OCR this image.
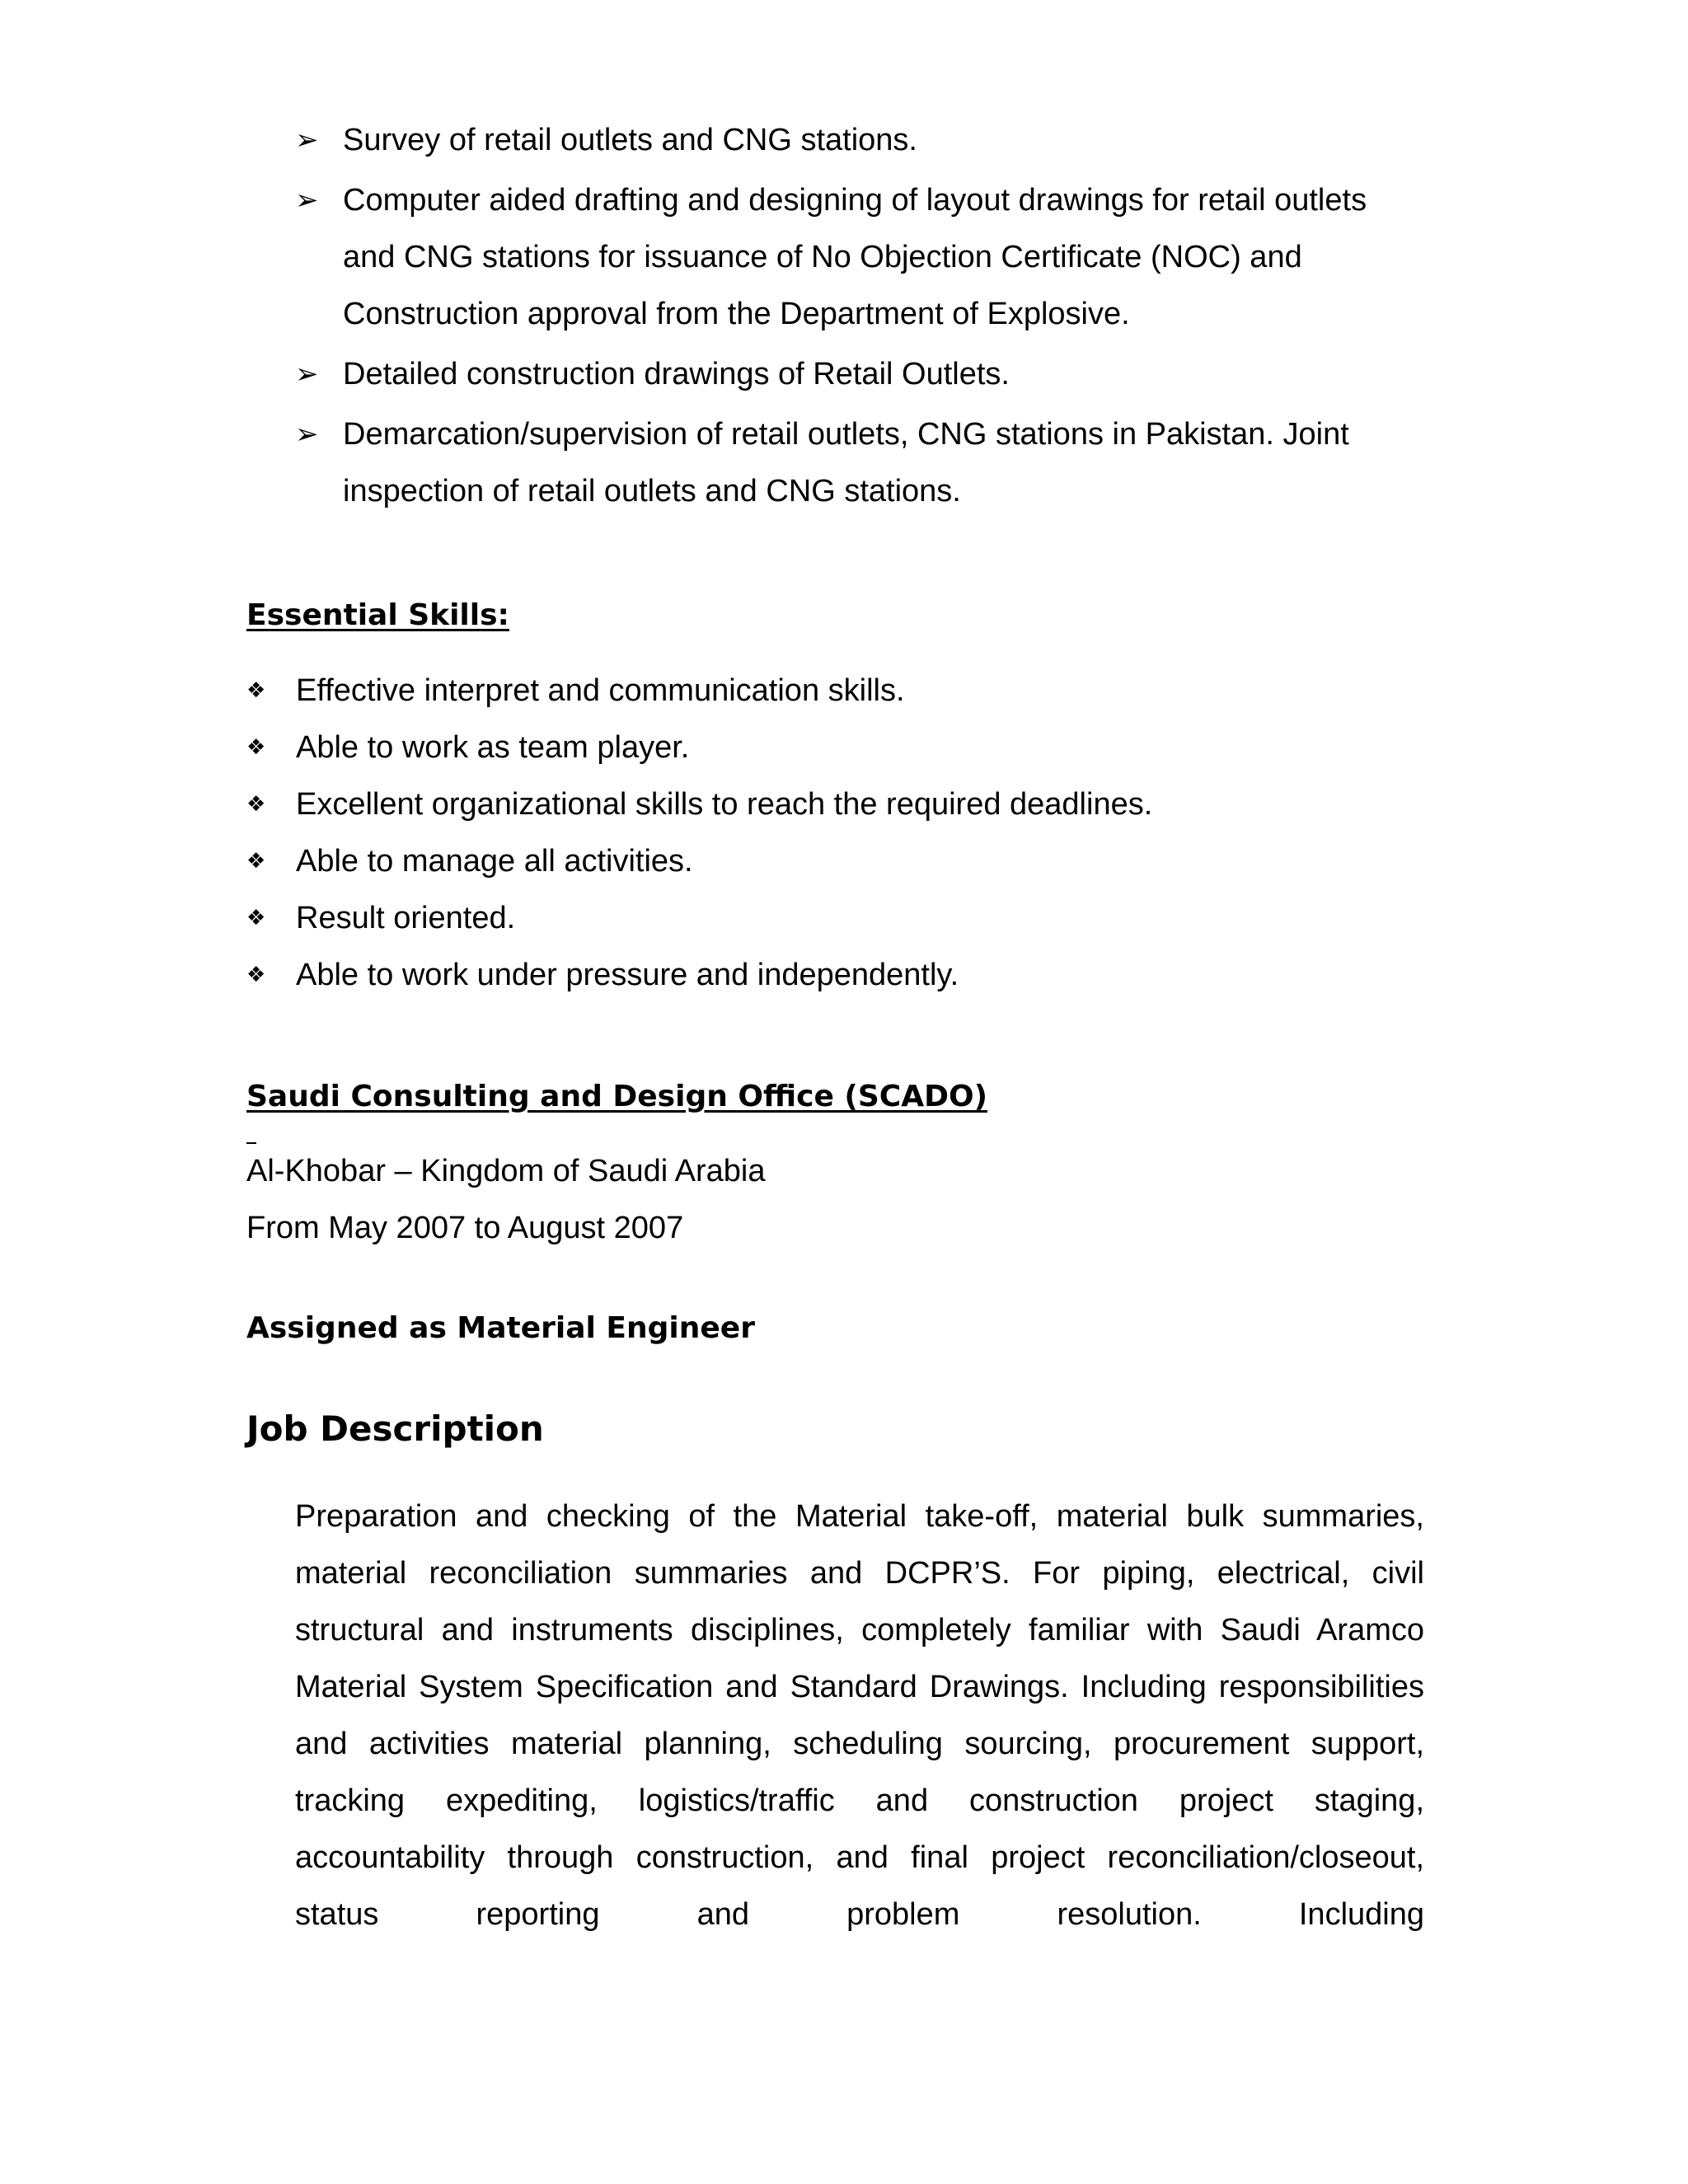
➢ Survey of retail outlets and CNG stations.
➢ Computer aided drafting and designing of layout drawings for retail outlets and CNG stations for issuance of No Objection Certificate (NOC) and Construction approval from the Department of Explosive.
➢ Detailed construction drawings of Retail Outlets.
➢ Demarcation/supervision of retail outlets, CNG stations in Pakistan. Joint inspection of retail outlets and CNG stations.
Essential Skills:
❖ Effective interpret and communication skills.
❖ Able to work as team player.
❖ Excellent organizational skills to reach the required deadlines.
❖ Able to manage all activities.
❖ Result oriented.
❖ Able to work under pressure and independently.
Saudi Consulting and Design Office (SCADO)
Al-Khobar – Kingdom of Saudi Arabia
From May 2007 to August 2007
Assigned as Material Engineer
Job Description

Preparation and checking of the Material take-off, material bulk summaries, material reconciliation summaries and DCPR’S. For piping, electrical, civil structural and instruments disciplines, completely familiar with Saudi Aramco Material System Specification and Standard Drawings. Including responsibilities and activities material planning, scheduling sourcing, procurement support, tracking expediting, logistics/traffic and construction project staging, accountability through construction, and final project reconciliation/closeout, status reporting and problem resolution. Including
